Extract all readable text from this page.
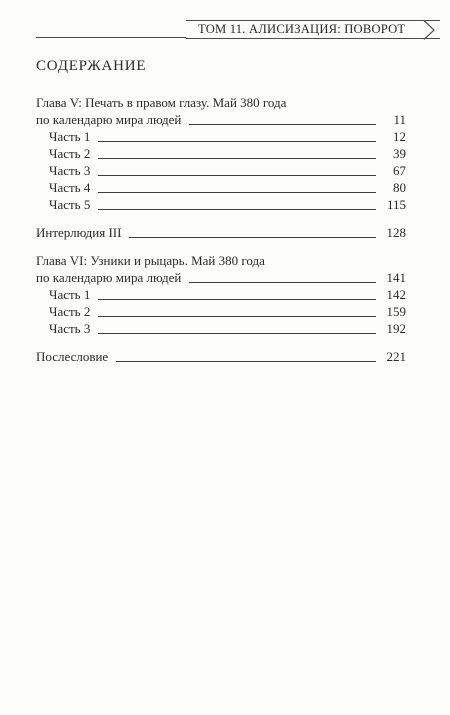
ТОМ 11. АЛИСИЗАЦИЯ: ПОВОРОТ
СОДЕРЖАНИЕ
Глава V: Печать в правом глазу. Май 380 года
по календарю мира людей	11
Часть 1	12
Часть 2	39
Часть 3	67
Часть 4	80
Часть 5	115
Интерлюдия III	128
Глава VI: Узники и рыцарь. Май 380 года
по календарю мира людей	141
Часть 1	142
Часть 2	159
Часть 3	192
Послесловие	221
